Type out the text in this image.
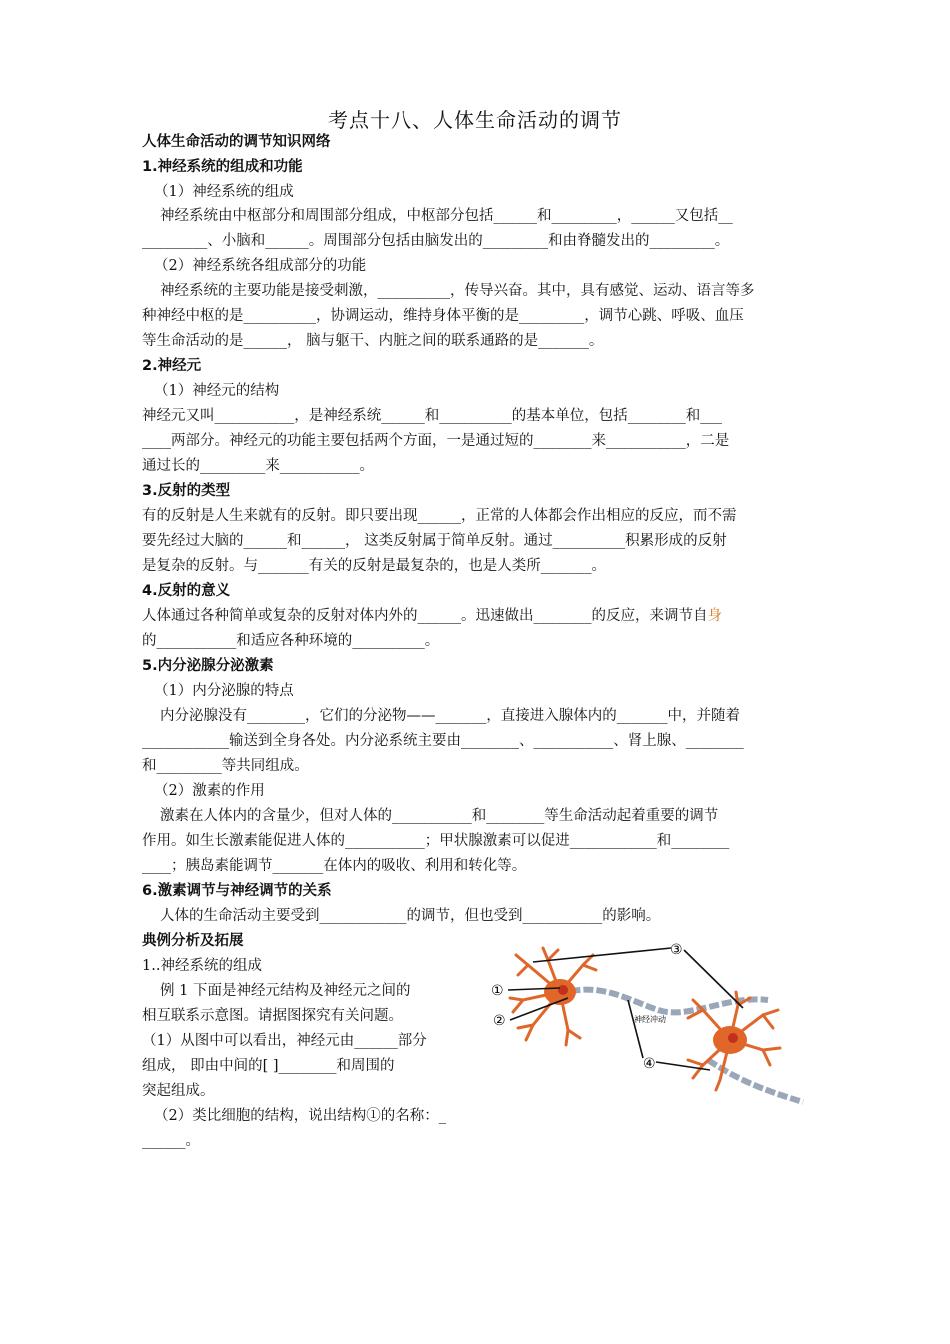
考点十八、人体生命活动的调节
人体生命活动的调节知识网络
1.神经系统的组成和功能
（1）神经系统的组成
神经系统由中枢部分和周围部分组成，中枢部分包括______和_________，______又包括__
_________、小脑和______。周围部分包括由脑发出的_________和由脊髓发出的_________。
（2）神经系统各组成部分的功能
神经系统的主要功能是接受刺激，__________，传导兴奋。其中，具有感觉、运动、语言等多
种神经中枢的是__________，协调运动，维持身体平衡的是_________，调节心跳、呼吸、血压
等生命活动的是______， 脑与躯干、内脏之间的联系通路的是_______。
2.神经元
（1）神经元的结构
神经元又叫___________，是神经系统______和__________的基本单位，包括________和___
____两部分。神经元的功能主要包括两个方面，一是通过短的________来___________，二是
通过长的_________来___________。
3.反射的类型
有的反射是人生来就有的反射。即只要出现______，正常的人体都会作出相应的反应，而不需
要先经过大脑的______和______， 这类反射属于简单反射。通过__________积累形成的反射
是复杂的反射。与_______有关的反射是最复杂的，也是人类所_______。
4.反射的意义
人体通过各种简单或复杂的反射对体内外的______。迅速做出________的反应，来调节自身
的___________和适应各种环境的__________。
5.内分泌腺分泌激素
（1）内分泌腺的特点
内分泌腺没有________，它们的分泌物——_______，直接进入腺体内的_______中，并随着
____________输送到全身各处。内分泌系统主要由________、___________、肾上腺、________
和_________等共同组成。
（2）激素的作用
激素在人体内的含量少，但对人体的___________和________等生命活动起着重要的调节
作用。如生长激素能促进人体的___________；甲状腺激素可以促进____________和________
____；胰岛素能调节_______在体内的吸收、利用和转化等。
6.激素调节与神经调节的关系
人体的生命活动主要受到____________的调节，但也受到___________的影响。
典例分析及拓展
1..神经系统的组成
例 1 下面是神经元结构及神经元之间的
相互联系示意图。请据图探究有关问题。
（1）从图中可以看出，神经元由______部分
组成， 即由中间的[ ]________和周围的
突起组成。
（2）类比细胞的结构，说出结构①的名称：_
______。
①
②
③
④
神经冲动
